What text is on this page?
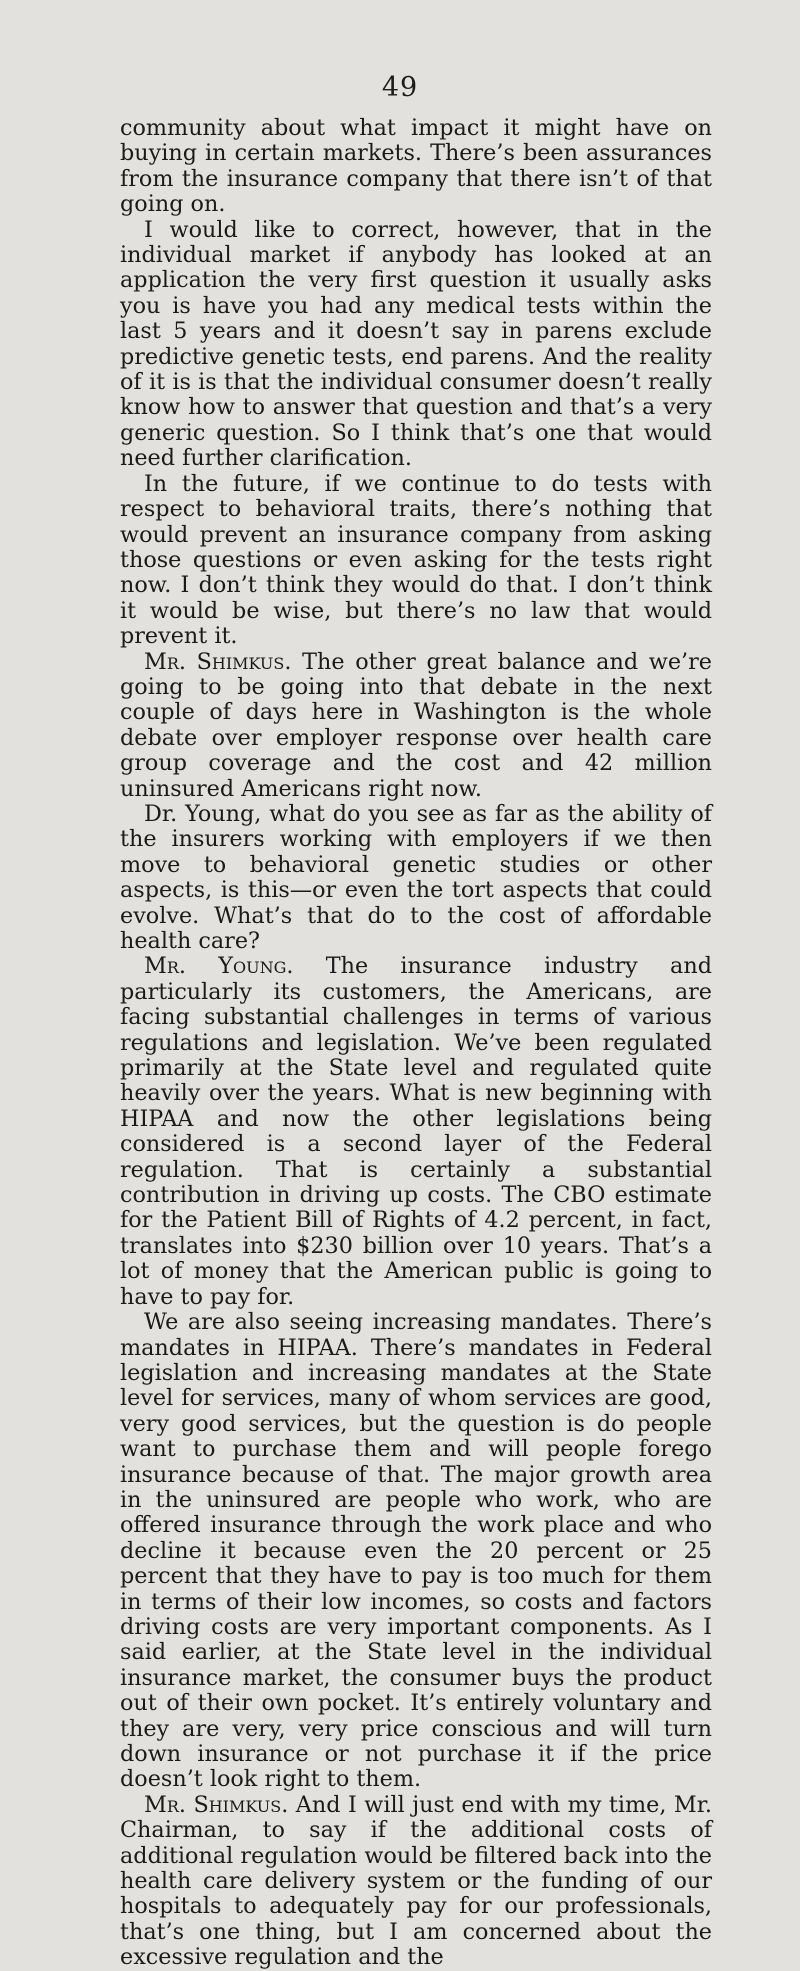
49

community about what impact it might have on buying in certain markets. There’s been assurances from the insurance company that there isn’t of that going on.

I would like to correct, however, that in the individual market if anybody has looked at an application the very first question it usually asks you is have you had any medical tests within the last 5 years and it doesn’t say in parens exclude predictive genetic tests, end parens. And the reality of it is is that the individual consumer doesn’t really know how to answer that question and that’s a very generic question. So I think that’s one that would need further clarification.

In the future, if we continue to do tests with respect to behavioral traits, there’s nothing that would prevent an insurance company from asking those questions or even asking for the tests right now. I don’t think they would do that. I don’t think it would be wise, but there’s no law that would prevent it.

Mr. Shimkus. The other great balance and we’re going to be going into that debate in the next couple of days here in Washington is the whole debate over employer response over health care group coverage and the cost and 42 million uninsured Americans right now.

Dr. Young, what do you see as far as the ability of the insurers working with employers if we then move to behavioral genetic studies or other aspects, is this—or even the tort aspects that could evolve. What’s that do to the cost of affordable health care?

Mr. Young. The insurance industry and particularly its customers, the Americans, are facing substantial challenges in terms of various regulations and legislation. We’ve been regulated primarily at the State level and regulated quite heavily over the years. What is new beginning with HIPAA and now the other legislations being considered is a second layer of the Federal regulation. That is certainly a substantial contribution in driving up costs. The CBO estimate for the Patient Bill of Rights of 4.2 percent, in fact, translates into $230 billion over 10 years. That’s a lot of money that the American public is going to have to pay for.

We are also seeing increasing mandates. There’s mandates in HIPAA. There’s mandates in Federal legislation and increasing mandates at the State level for services, many of whom services are good, very good services, but the question is do people want to purchase them and will people forego insurance because of that. The major growth area in the uninsured are people who work, who are offered insurance through the work place and who decline it because even the 20 percent or 25 percent that they have to pay is too much for them in terms of their low incomes, so costs and factors driving costs are very important components. As I said earlier, at the State level in the individual insurance market, the consumer buys the product out of their own pocket. It’s entirely voluntary and they are very, very price conscious and will turn down insurance or not purchase it if the price doesn’t look right to them.

Mr. Shimkus. And I will just end with my time, Mr. Chairman, to say if the additional costs of additional regulation would be filtered back into the health care delivery system or the funding of our hospitals to adequately pay for our professionals, that’s one thing, but I am concerned about the excessive regulation and the
